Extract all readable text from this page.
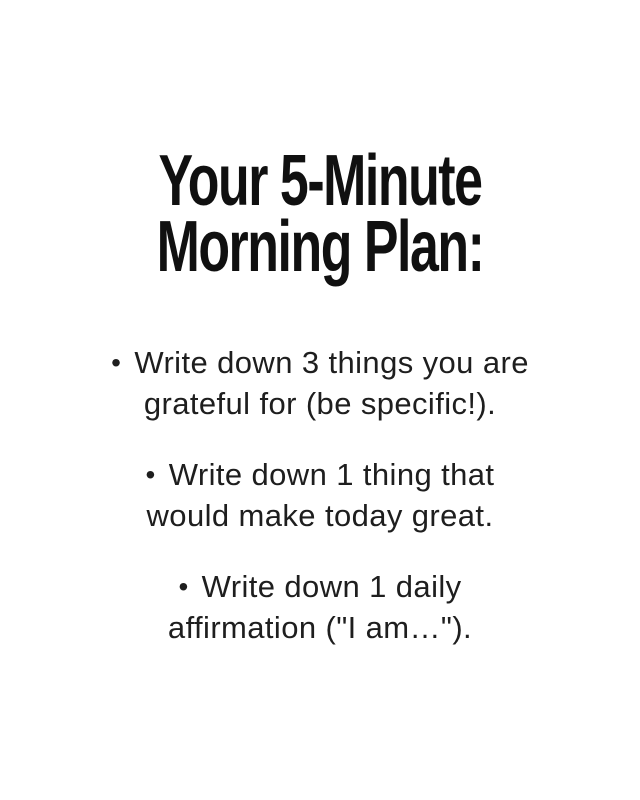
Your 5-Minute
Morning Plan:
• Write down 3 things you are
grateful for (be specific!).
• Write down 1 thing that
would make today great.
• Write down 1 daily
affirmation ("I am…").
